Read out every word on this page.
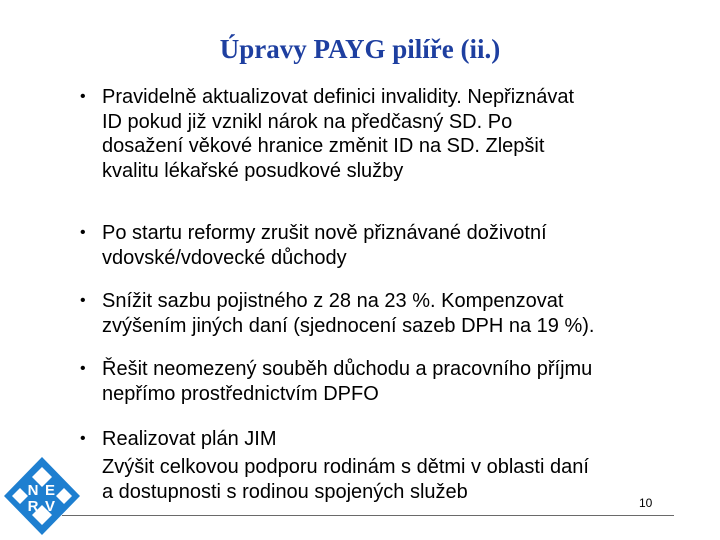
Úpravy PAYG pilíře (ii.)
• Pravidelně aktualizovat definici invalidity. Nepřiznávat
ID pokud již vznikl nárok na předčasný SD. Po
dosažení věkové hranice změnit ID na SD. Zlepšit
kvalitu lékařské posudkové služby
• Po startu reformy zrušit nově přiznávané doživotní
vdovské/vdovecké důchody
• Snížit sazbu pojistného z 28 na 23 %. Kompenzovat
zvýšením jiných daní (sjednocení sazeb DPH na 19 %).
• Řešit neomezený souběh důchodu a pracovního příjmu
nepřímo prostřednictvím DPFO
• Realizovat plán JIM
Zvýšit celkovou podporu rodinám s dětmi v oblasti daní
a dostupnosti s rodinou spojených služeb
10
N E
R V
